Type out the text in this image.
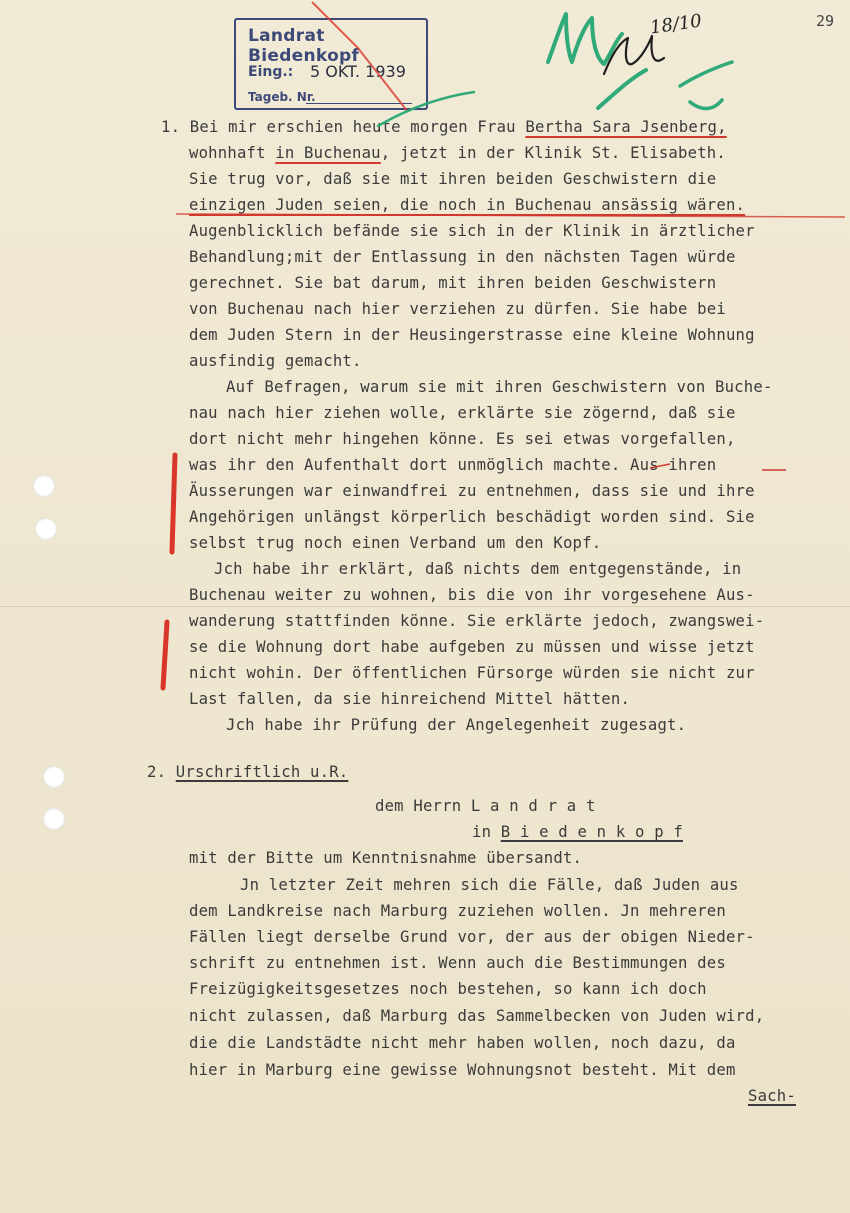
29

Landrat Biedenkopf
Eing.: 5 OKT. 1939
Tageb. Nr.
18/10
1. Bei mir erschien heute morgen Frau Bertha Sara Jsenberg,
wohnhaft in Buchenau, jetzt in der Klinik St. Elisabeth.
Sie trug vor, daß sie mit ihren beiden Geschwistern die
einzigen Juden seien, die noch in Buchenau ansässig wären.
Augenblicklich befände sie sich in der Klinik in ärztlicher
Behandlung;mit der Entlassung in den nächsten Tagen würde
gerechnet. Sie bat darum, mit ihren beiden Geschwistern
von Buchenau nach hier verziehen zu dürfen. Sie habe bei
dem Juden Stern in der Heusingerstrasse eine kleine Wohnung
ausfindig gemacht.
Auf Befragen, warum sie mit ihren Geschwistern von Buche-
nau nach hier ziehen wolle, erklärte sie zögernd, daß sie
dort nicht mehr hingehen könne. Es sei etwas vorgefallen,
was ihr den Aufenthalt dort unmöglich machte. Aus ihren
Äusserungen war einwandfrei zu entnehmen, dass sie und ihre
Angehörigen unlängst körperlich beschädigt worden sind. Sie
selbst trug noch einen Verband um den Kopf.
Jch habe ihr erklärt, daß nichts dem entgegenstände, in
Buchenau weiter zu wohnen, bis die von ihr vorgesehene Aus-
wanderung stattfinden könne. Sie erklärte jedoch, zwangswei-
se die Wohnung dort habe aufgeben zu müssen und wisse jetzt
nicht wohin. Der öffentlichen Fürsorge würden sie nicht zur
Last fallen, da sie hinreichend Mittel hätten.
Jch habe ihr Prüfung der Angelegenheit zugesagt.
2. Urschriftlich u.R.
dem Herrn L a n d r a t
in B i e d e n k o p f
mit der Bitte um Kenntnisnahme übersandt.
Jn letzter Zeit mehren sich die Fälle, daß Juden aus
dem Landkreise nach Marburg zuziehen wollen. Jn mehreren
Fällen liegt derselbe Grund vor, der aus der obigen Nieder-
schrift zu entnehmen ist. Wenn auch die Bestimmungen des
Freizügigkeitsgesetzes noch bestehen, so kann ich doch
nicht zulassen, daß Marburg das Sammelbecken von Juden wird,
die die Landstädte nicht mehr haben wollen, noch dazu, da
hier in Marburg eine gewisse Wohnungsnot besteht. Mit dem
Sach-
